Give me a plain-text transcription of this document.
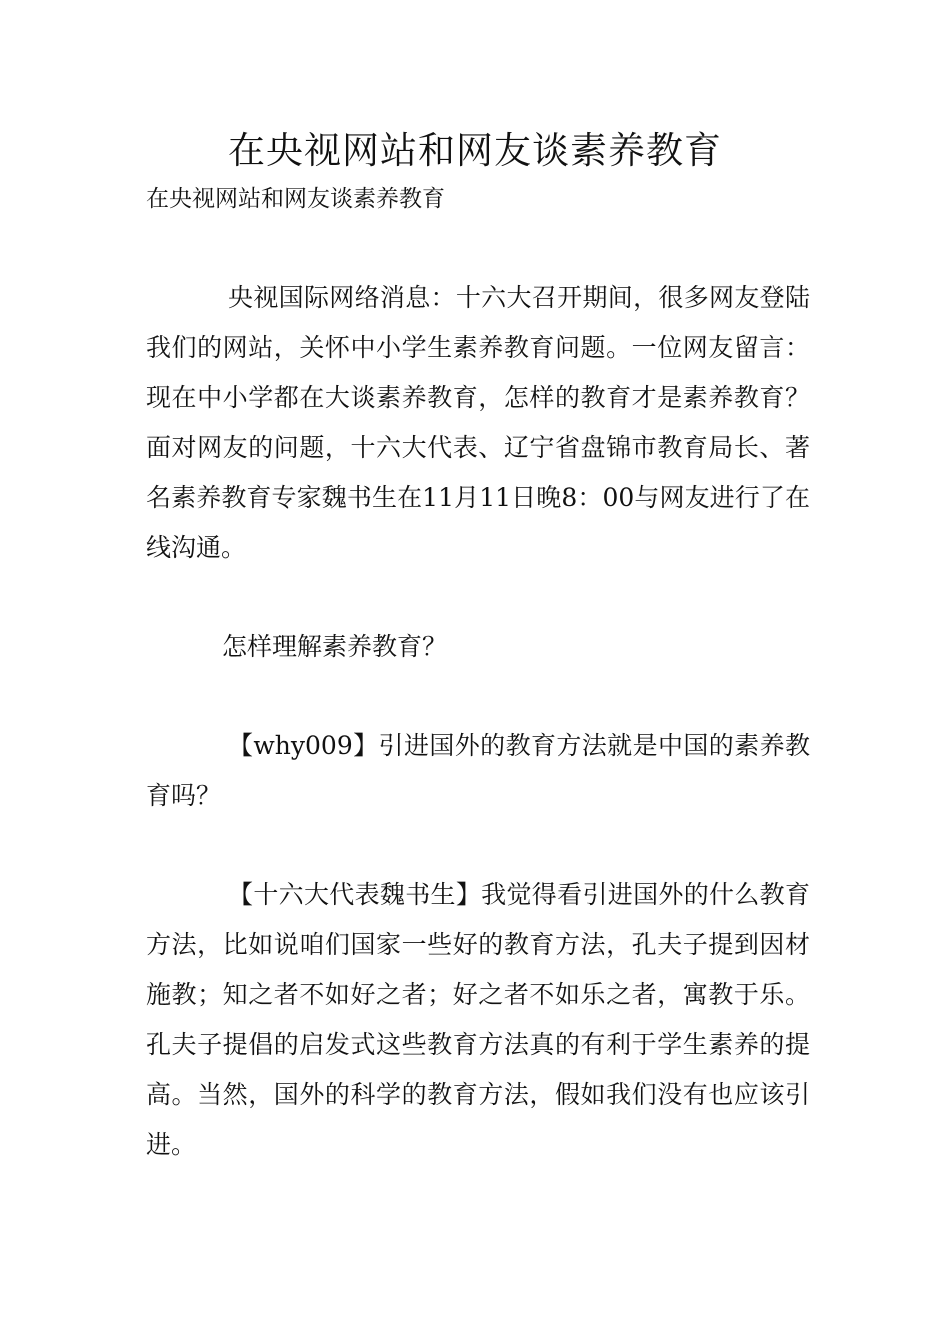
在央视网站和网友谈素养教育

在央视网站和网友谈素养教育

央视国际网络消息：十六大召开期间，很多网友登陆我们的网站，关怀中小学生素养教育问题。一位网友留言：现在中小学都在大谈素养教育，怎样的教育才是素养教育？面对网友的问题，十六大代表、辽宁省盘锦市教育局长、著名素养教育专家魏书生在11月11日晚8：00与网友进行了在线沟通。

怎样理解素养教育？

【why009】引进国外的教育方法就是中国的素养教育吗？

【十六大代表魏书生】我觉得看引进国外的什么教育方法，比如说咱们国家一些好的教育方法，孔夫子提到因材施教；知之者不如好之者；好之者不如乐之者，寓教于乐。孔夫子提倡的启发式这些教育方法真的有利于学生素养的提高。当然，国外的科学的教育方法，假如我们没有也应该引进。
